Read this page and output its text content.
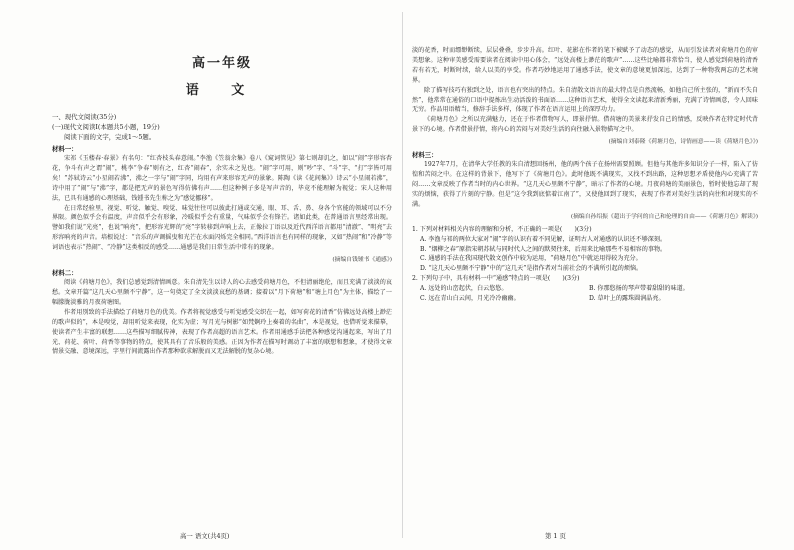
高一年级
语 文

一、现代文阅读(35分)

(一)现代文阅读I(本题共5小题，19分)

阅读下面的文字，完成1～5题。

材料一：

宋祁《玉楼春·春景》有名句：“红杏枝头春意闹。”李渔《笠翁余集》卷八《窥词管见》第七则却讥之，如以“闹”字形容杏花，争斗有声之谓“闹”，桃李“争春”则有之，红杏“闹春”，余实未之见也。“闹”字可用，则“吵”字、“斗”字、“打”字皆可用矣！”苏轼诗云“小星闹若沸”，沸之一字与“闹”字同，均用有声来形容无声的景象。陈陶《读《花间集》》诗云“小星闹若沸”，诗中用了“闹”与“沸”字，都是把无声的景色写得仿佛有声……但这种例子多是写声音的，毕竟不能理解为视觉；宋人这种用法，已具有通感的心理基础，钱锺书先生称之为“感觉挪移”。

在日常经验里，视觉、听觉、触觉、嗅觉、味觉往往可以彼此打通或交通，眼、耳、舌、鼻、身各个官能的领域可以不分界限。颜色似乎会有温度，声音似乎会有形象，冷暖似乎会有重量，气味似乎会有锋芒。诸如此类，在普通语言里经常出现。譬如我们说“光亮”，也说“响亮”，把形容光辉的“亮”字转移到声响上去，正像拉丁语以及近代西洋语言都用“清澈”、“明亮”去形容响亮的声音。培根说过：“音乐的声调摇曳和光芒在水面闪烁完全相同。”西洋语言也有同样的现象，又如“热闹”和“冷静”等词语也表示“热闹”、“冷静”这类相反的感受……通感是我们日常生活中常有的现象。

(摘编自钱锺书《通感》)

材料二：

阅读《荷塘月色》，我们总感觉到清情画意。朱自清先生以诗人的心去感受荷塘月色，不但清丽绝伦，而且充满了淡淡的哀愁。文章开篇“这几天心里颇不宁静”，这一句奠定了全文淡淡哀愁的基调；接着以“月下荷塘”和“塘上月色”为主体，描绘了一幅朦胧淡雅的月夜荷塘图。

作者用别致的手法描绘了荷塘月色的优美。作者将视觉感受与听觉感受交织在一起，如写荷花的清香“仿佛远处高楼上渺茫的歌声似的”，本是嗅觉，却用听觉来表现，化实为虚；写月光与树影“如梵婀玲上奏着的名曲”，本是视觉，也借听觉来描摹，使读者产生丰富的联想……这些描写细腻传神，表现了作者高超的语言艺术。作者用通感手法把各种感觉沟通起来，写出了月光、荷花、荷叶、荷香等事物的特点，使其具有了音乐般的美感。正因为作者在描写时调动了丰富的联想和想象，才使得文章情景交融、意境深远，字里行间流露出作者那种欲求解脱而又无法解脱的复杂心境。

淡的花香，时而缥缈断续，层层叠叠，步步升高。红叶、花影在作者的笔下被赋予了动态的感觉，从而引发读者对荷塘月色的审美想象。这种审美感受需要读者在阅读中用心体会，“远处高楼上渺茫的歌声”……这些比喻都非常恰当，使人感觉到荷塘的清香若有若无，时断时续，给人以美的享受。作者巧妙地运用了通感手法，使文章的意境更加深远，达到了一种物我两忘的艺术境界。

除了描写技巧有独到之处，语言也有突出的特点。朱自清散文语言的最大特点是自然流畅，如他自己所主张的，“新而不失自然”，他常常在通俗的口语中提炼出生动活泼的书面语……这种语言艺术，使得全文读起来清新秀丽，充满了诗情画意，令人回味无穷。作品用语精当，修辞手法多样，体现了作者在语言运用上的深厚功力。

《荷塘月色》之所以充满魅力，还在于作者借物写人，即景抒情。借荷塘的美景来抒发自己的情感，反映作者在特定时代背景下的心境。作者借景抒情，将内心的苦闷与对美好生活的向往融入景物描写之中。

(摘编自刘泰隆《荷塘月色，诗情画意——读《荷塘月色》》)

材料三：

1927年7月，在清华大学任教的朱自清想回扬州，他的两个孩子在扬州需要照顾。但他与其他许多知识分子一样，陷入了彷徨和苦闷之中。在这样的背景下，他写下了《荷塘月色》。此时他既不满现实，又找不到出路，这种思想矛盾使他内心充满了苦闷……文章反映了作者当时的内心世界。“这几天心里颇不宁静”，暗示了作者的心境。月夜荷塘的美丽景色，暂时使他忘却了现实的烦恼，获得了片刻的宁静。但是“这令我到底惦着江南了”，又使他回到了现实，表现了作者对美好生活的向往和对现实的不满。

(摘编自孙绍振《超出于学问的自己和伦理的自由——《荷塘月色》解读》)

1. 下列对材料相关内容的理解和分析，不正确的一项是(　　)(3分)

A. 李渔与祁的两位大家对“闹”字的认识有着不同见解，证明古人对通感的认识还不够深刻。

B. “烟柳之春”原指宋朝苏轼与同时代人之间的默契往来，后用来比喻那些不易相容的事物。

C. 通感的手法在我国现代散文创作中较为运用，“荷塘月色”中就运用得较为充分。

D. “这几天心里颇不宁静”中的“这几天”是指作者对当前社会的不满所引起的烦恼。

2. 下列句子中，具有材料一中“通感”特点的一项是(　　)(3分)

A. 远处的山峦起伏，白云悠悠。	B. 你那悠扬的琴声带着甜甜的味道。
C. 远在青山白云间，月光冷冷幽幽。	D. 草叶上的露珠圆润晶亮。
高一 语文(共4页)	第 1 页
